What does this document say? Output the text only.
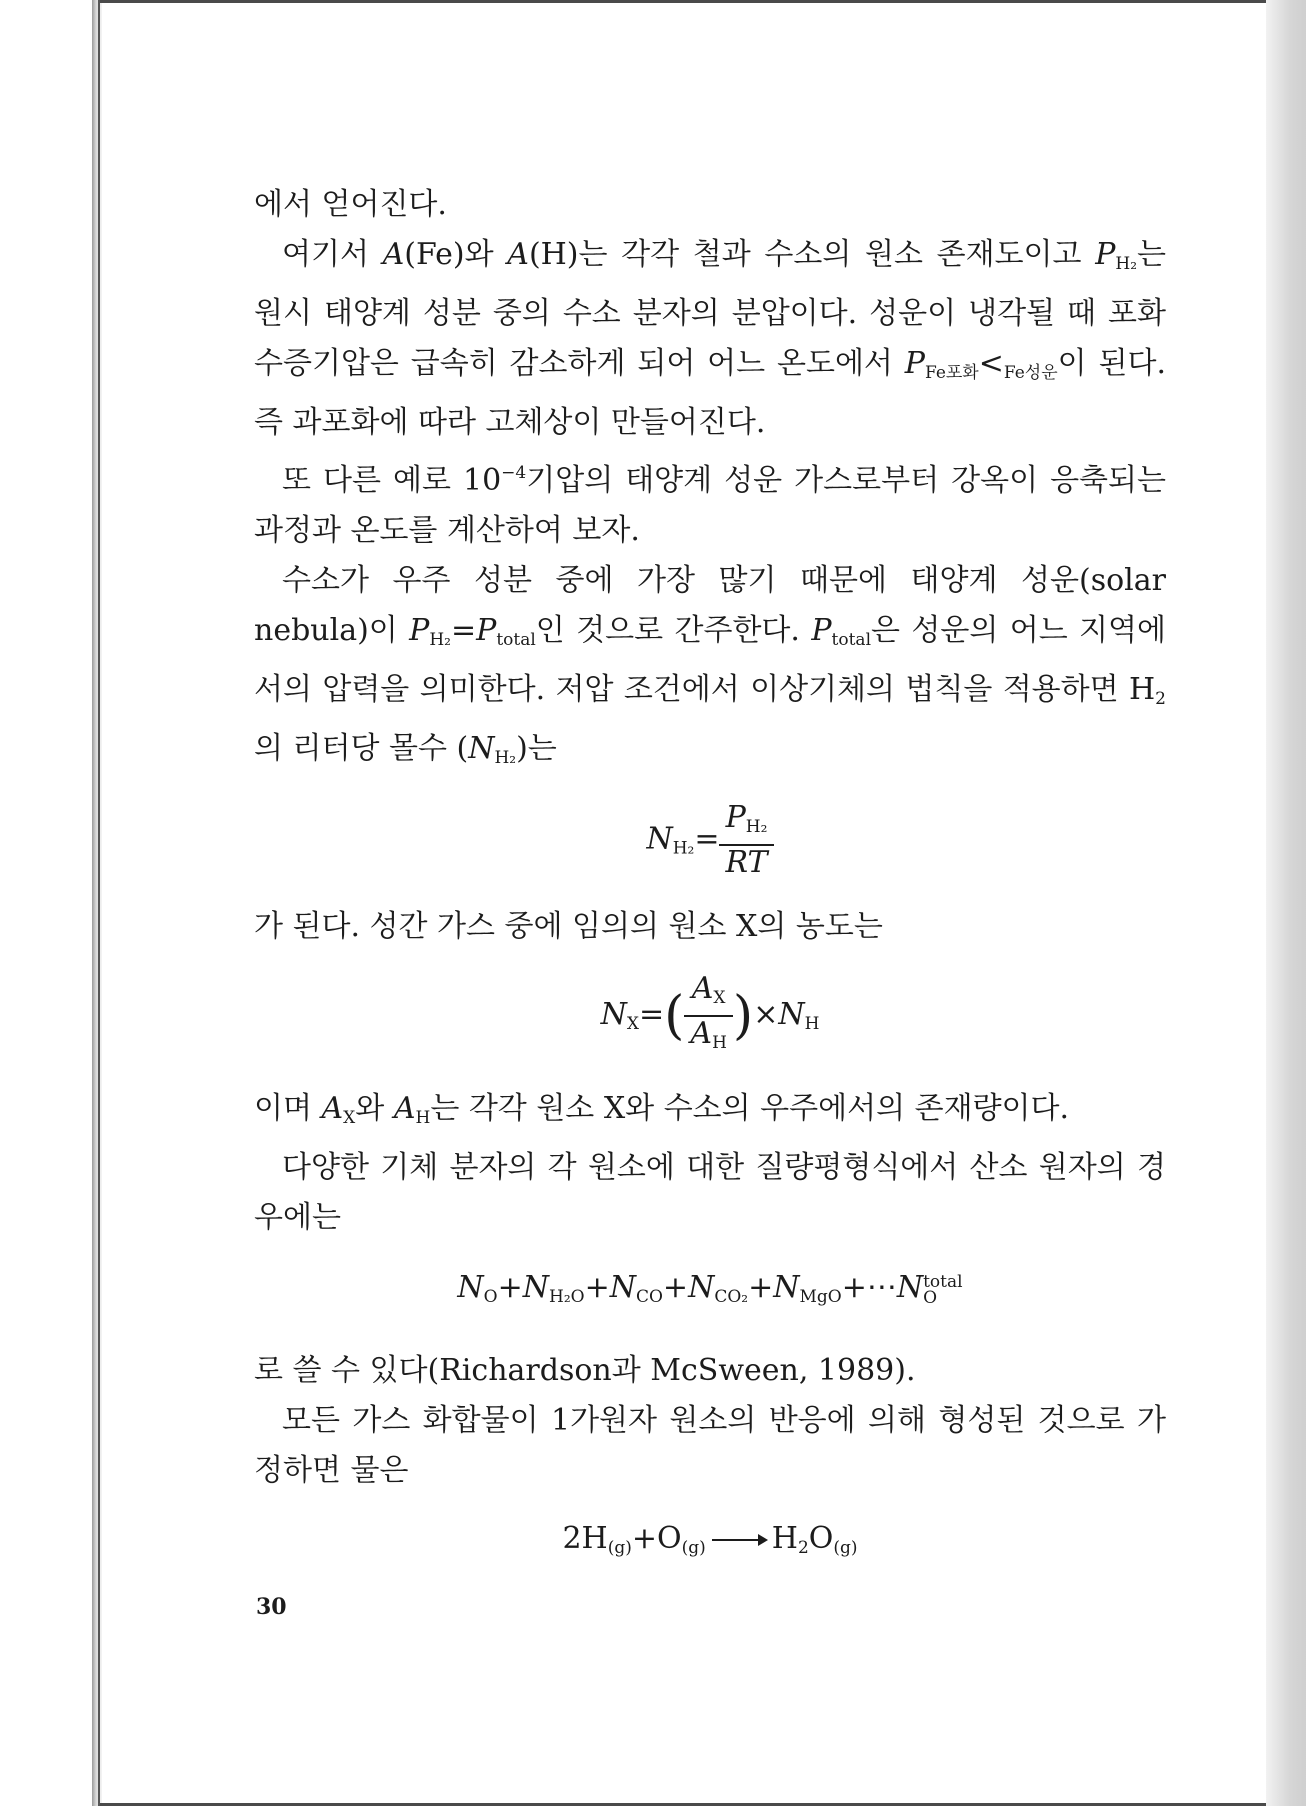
에서 얻어진다.

여기서 A(Fe)와 A(H)는 각각 철과 수소의 원소 존재도이고 $P_{H_2}$는 원시 태양계 성분 중의 수소 분자의 분압이다. 성운이 냉각될 때 포화수증기압은 급속히 감소하게 되어 어느 온도에서 $P_{Fe포화}<_{Fe성운}$이 된다. 즉 과포화에 따라 고체상이 만들어진다.

또 다른 예로 $10^{-4}$기압의 태양계 성운 가스로부터 강옥이 응축되는 과정과 온도를 계산하여 보자.

수소가 우주 성분 중에 가장 많기 때문에 태양계 성운(solar nebula)이 $P_{H_2}=P_{total}$인 것으로 간주한다. $P_{total}$은 성운의 어느 지역에서의 압력을 의미한다. 저압 조건에서 이상기체의 법칙을 적용하면 $H_2$의 리터당 몰수 $(N_{H_2})$는

$N_{H_2}= \frac{P_{H_2}}{RT}$

가 된다. 성간 가스 중에 임의의 원소 X의 농도는

$N_X=( \frac{A_X}{A_H} )\times N_H$

이며 $A_X$와 $A_H$는 각각 원소 X와 수소의 우주에서의 존재량이다.

다양한 기체 분자의 각 원소에 대한 질량평형식에서 산소 원자의 경우에는

$N_O+N_{H_2O}+N_{CO}+N_{CO_2}+N_{MgO}+\cdots N$ total
O

로 쓸 수 있다(Richardson과 McSween, 1989).

모든 가스 화합물이 1가원자 원소의 반응에 의해 형성된 것으로 가정하면 물은

$2H_{(g)}+O_{(g)} \to H_2O_{(g)}$
30
